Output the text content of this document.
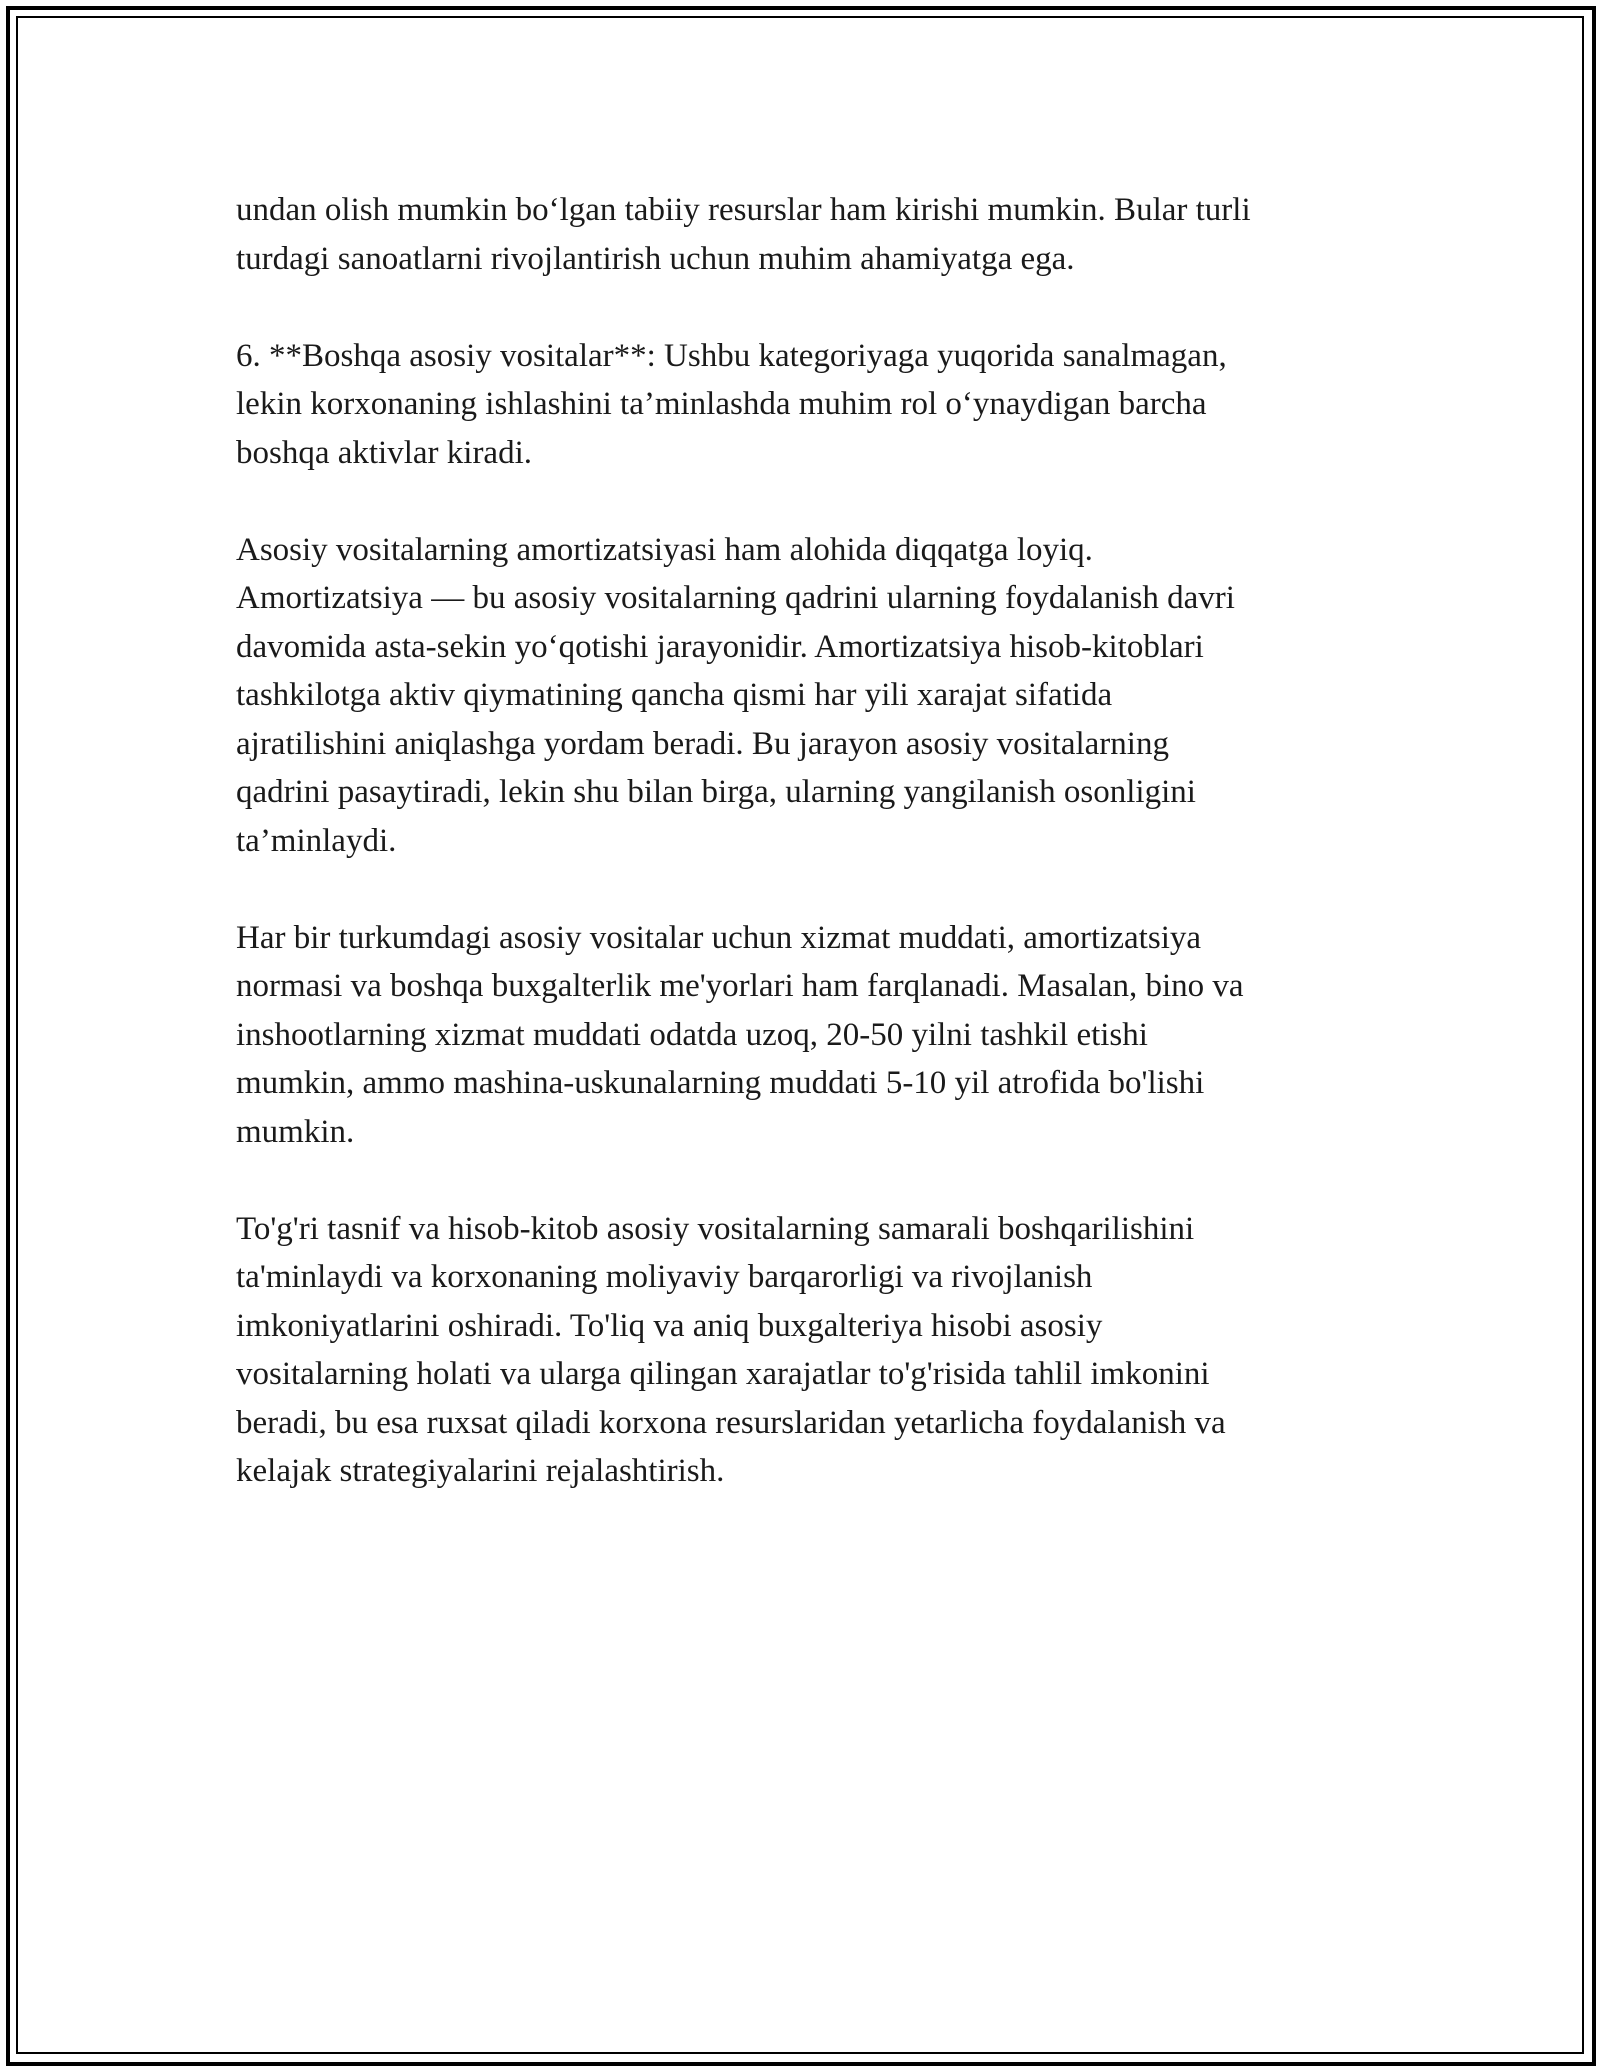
undan olish mumkin bo‘lgan tabiiy resurslar ham kirishi mumkin. Bular turli
turdagi sanoatlarni rivojlantirish uchun muhim ahamiyatga ega.

6. **Boshqa asosiy vositalar**: Ushbu kategoriyaga yuqorida sanalmagan,
lekin korxonaning ishlashini ta’minlashda muhim rol o‘ynaydigan barcha
boshqa aktivlar kiradi.

Asosiy vositalarning amortizatsiyasi ham alohida diqqatga loyiq.
Amortizatsiya — bu asosiy vositalarning qadrini ularning foydalanish davri
davomida asta-sekin yo‘qotishi jarayonidir. Amortizatsiya hisob-kitoblari
tashkilotga aktiv qiymatining qancha qismi har yili xarajat sifatida
ajratilishini aniqlashga yordam beradi. Bu jarayon asosiy vositalarning
qadrini pasaytiradi, lekin shu bilan birga, ularning yangilanish osonligini
ta’minlaydi.

Har bir turkumdagi asosiy vositalar uchun xizmat muddati, amortizatsiya
normasi va boshqa buxgalterlik me'yorlari ham farqlanadi. Masalan, bino va
inshootlarning xizmat muddati odatda uzoq, 20-50 yilni tashkil etishi
mumkin, ammo mashina-uskunalarning muddati 5-10 yil atrofida bo'lishi
mumkin.

To'g'ri tasnif va hisob-kitob asosiy vositalarning samarali boshqarilishini
ta'minlaydi va korxonaning moliyaviy barqarorligi va rivojlanish
imkoniyatlarini oshiradi. To'liq va aniq buxgalteriya hisobi asosiy
vositalarning holati va ularga qilingan xarajatlar to'g'risida tahlil imkonini
beradi, bu esa ruxsat qiladi korxona resurslaridan yetarlicha foydalanish va
kelajak strategiyalarini rejalashtirish.
